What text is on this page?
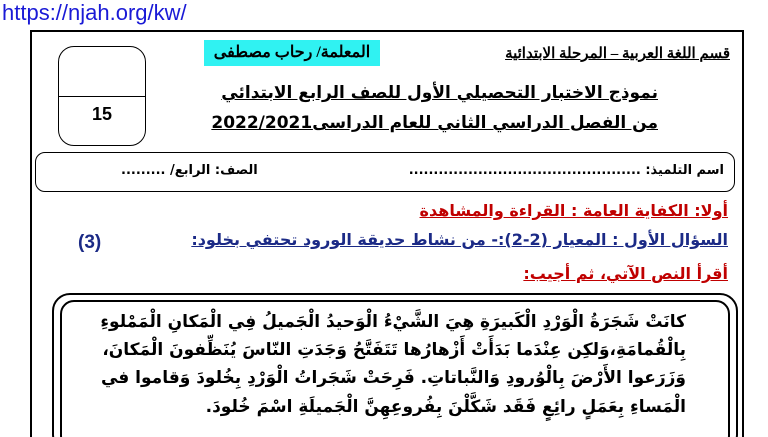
https://njah.org/kw/
15
قسم اللغة العربية – المرحلة الابتدائية
المعلمة/ رحاب مصطفى
نموذج الاختبار التحصيلي الأول للصف الرابع الابتدائي
من الفصل الدراسي الثاني للعام الدراسى2022/2021
اسم التلميذ: ...............................................
الصف: الرابع/ .........
أولا: الكفاية العامة : القراءة والمشاهدة
السؤال الأول : المعيار (2-2):- من نشاط حديقة الورود تحتفي بخلود:
(3)
أقرأ النص الآتي، ثم أجيب:
كانَتْ شَجَرَةُ الْوَرْدِ الْكَبيرَةِ هِيَ الشَّيْءُ الْوَحيدُ الْجَميلُ فِي الْمَكانِ الْمَمْلوءِ
بِالْقُمامَةِ،وَلكِن عِنْدَما بَدَأَتْ أَزْهارُها تَتَفَتَّحُ وَجَدَتِ النّاسَ يُنَظِّفونَ الْمَكانَ،
وَزَرَعوا الأَرْضَ بِالْوُرودِ وَالنَّباتاتِ. فَرِحَتْ شَجَراتُ الْوَرْدِ بِخُلودَ وَقاموا في
الْمَساءِ بِعَمَلٍ رائِعٍ فَقَد شَكَّلْنَ بِفُروعِهِنَّ الْجَميلَةِ اسْمَ خُلودَ.
